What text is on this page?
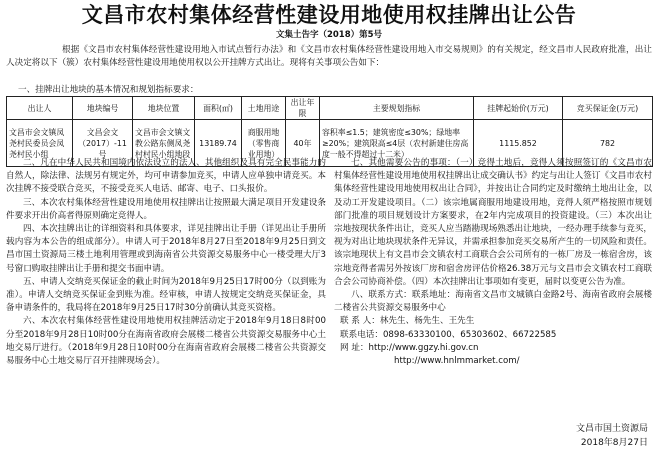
文昌市农村集体经营性建设用地使用权挂牌出让公告
文集土告字（2018）第5号

根据《文昌市农村集体经营性建设用地入市试点暂行办法》和《文昌市农村集体经营性建设用地入市交易规则》的有关规定，经文昌市人民政府批准，出让人决定将以下（簇）农村集体经营性建设用地使用权以公开挂牌方式出让。现将有关事项公告如下：

一、挂牌出让地块的基本情况和规划指标要求：

出让人	地块编号	地块位置	面积(㎡)	土地用途	出让年限	主要规划指标	挂牌起始价(万元)	竞买保证金(万元)
文昌市会文镇凤尧村民委员会凤尧村民小组	文昌会文（2017）-11号	文昌市会文镇文教公路东侧凤尧村村民小组地段	13189.74	商服用地（零售商业用地）	40年	容积率≤1.5；建筑密度≤30%；绿地率≥20%；建筑限高≤4层（农村新建住房高度一般不得超过十二米）	1115.852	782

二、凡在中华人民共和国境内依法设立的法人、其他组织及具有完全民事能力的自然人，除法律、法规另有规定外，均可申请参加竞买，申请人应单独申请竞买。本次挂牌不接受联合竞买，不接受竞买人电话、邮寄、电子、口头报价。

三、本次农村集体经营性建设用地使用权挂牌出让按照最大满足项目开发建设条件要求开出价高者得原则确定竞得人。

四、本次挂牌出让的详细资料和具体要求，详见挂牌出让手册（详见出让手册所载内容为本公告的组成部分）。申请人可于2018年8月27日至2018年9月25日到文昌市国土资源局三楼土地利用管理或到海南省公共资源交易服务中心一楼受理大厅3号窗口购取挂牌出让手册和提交书面申请。

五、申请人交纳竞买保证金的截止时间为2018年9月25日17时00分（以到账为准）。申请人交纳竞买保证金到账为准。经审核，申请人按规定交纳竞买保证金，具备申请条件的，我局将在2018年9月25日17时30分前确认其竞买资格。

六、本次农村集体经营性建设用地使用权挂牌活动定于2018年9月18日8时00分至2018年9月28日10时00分在海南省政府会展楼二楼省公共资源交易服务中心土地交易厅进行。（2018年9月28日10时00分在海南省政府会展楼二楼省公共资源交易服务中心土地交易厅召开挂牌现场会）。

七、其他需要公告的事项：（一）竞得土地后，竞得人须按照签订的《文昌市农村集体经营性建设用地使用权挂牌出让成交确认书》约定与出让人签订《文昌市农村集体经营性建设用地使用权出让合同》，并按出让合同约定及时缴纳土地出让金，以及动工开发建设项目。（二）该宗地属商服用地建设用地，竞得人须严格按照市规划部门批准的项目规划设计方案要求，在2年内完成项目的投资建设。（三）本次出让宗地按现状条件出让，竞买人应当踏勘现场熟悉出让地块，一经办理手续参与竞买，视为对出让地块现状条件无异议，并需承担参加竞买交易所产生的一切风险和责任。该宗地现状上有文昌市会文镇农村工商联合会公司所有的一栋厂房及一栋宿舍房，该宗地竞得者需另外按该厂房和宿舍房评估价格26.38万元与文昌市会文镇农村工商联合会公司协商补偿。（四）本次挂牌出让事项如有变更，届时以变更公告为准。

八、联系方式：联系地址：海南省文昌市文城镇白金路2号、海南省政府会展楼二楼省公共资源交易服务中心

联 系 人：林先生、杨先生、王先生

联系电话：0898-63330100、65303602、66722585

网 址：http://www.ggzy.hi.gov.cn

http://www.hnlmmarket.com/

文昌市国土资源局
2018年8月27日
